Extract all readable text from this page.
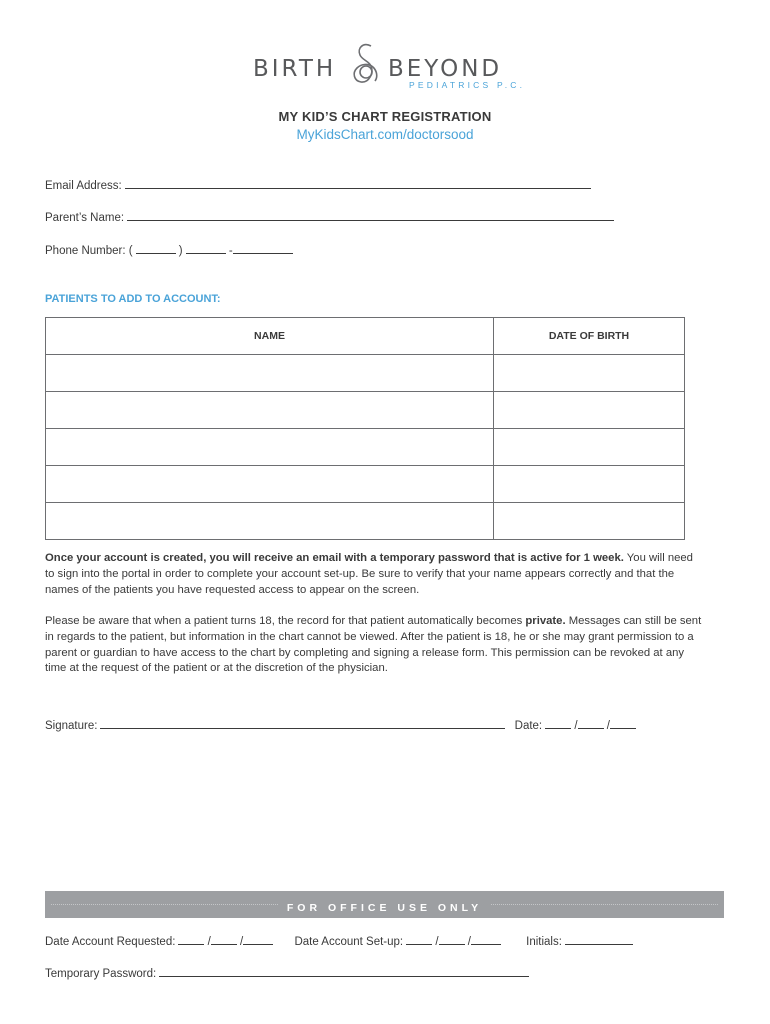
BIRTH BEYOND
PEDIATRICS P.C.
MY KID’S CHART REGISTRATION
MyKidsChart.com/doctorsood
Email Address:
Parent’s Name:
Phone Number: (	)	-
PATIENTS TO ADD TO ACCOUNT:
NAME	DATE OF BIRTH

Once your account is created, you will receive an email with a temporary password that is active for 1 week. You will need to sign into the portal in order to complete your account set-up. Be sure to verify that your name appears correctly and that the names of the patients you have requested access to appear on the screen.
Please be aware that when a patient turns 18, the record for that patient automatically becomes private. Messages can still be sent in regards to the patient, but information in the chart cannot be viewed. After the patient is 18, he or she may grant permission to a parent or guardian to have access to the chart by completing and signing a release form. This permission can be revoked at any time at the request of the patient or at the discretion of the physician.
Signature:	Date:	/	/
FOR OFFICE USE ONLY
Date Account Requested:	/	/	Date Account Set-up:	/	/	Initials:
Temporary Password:
